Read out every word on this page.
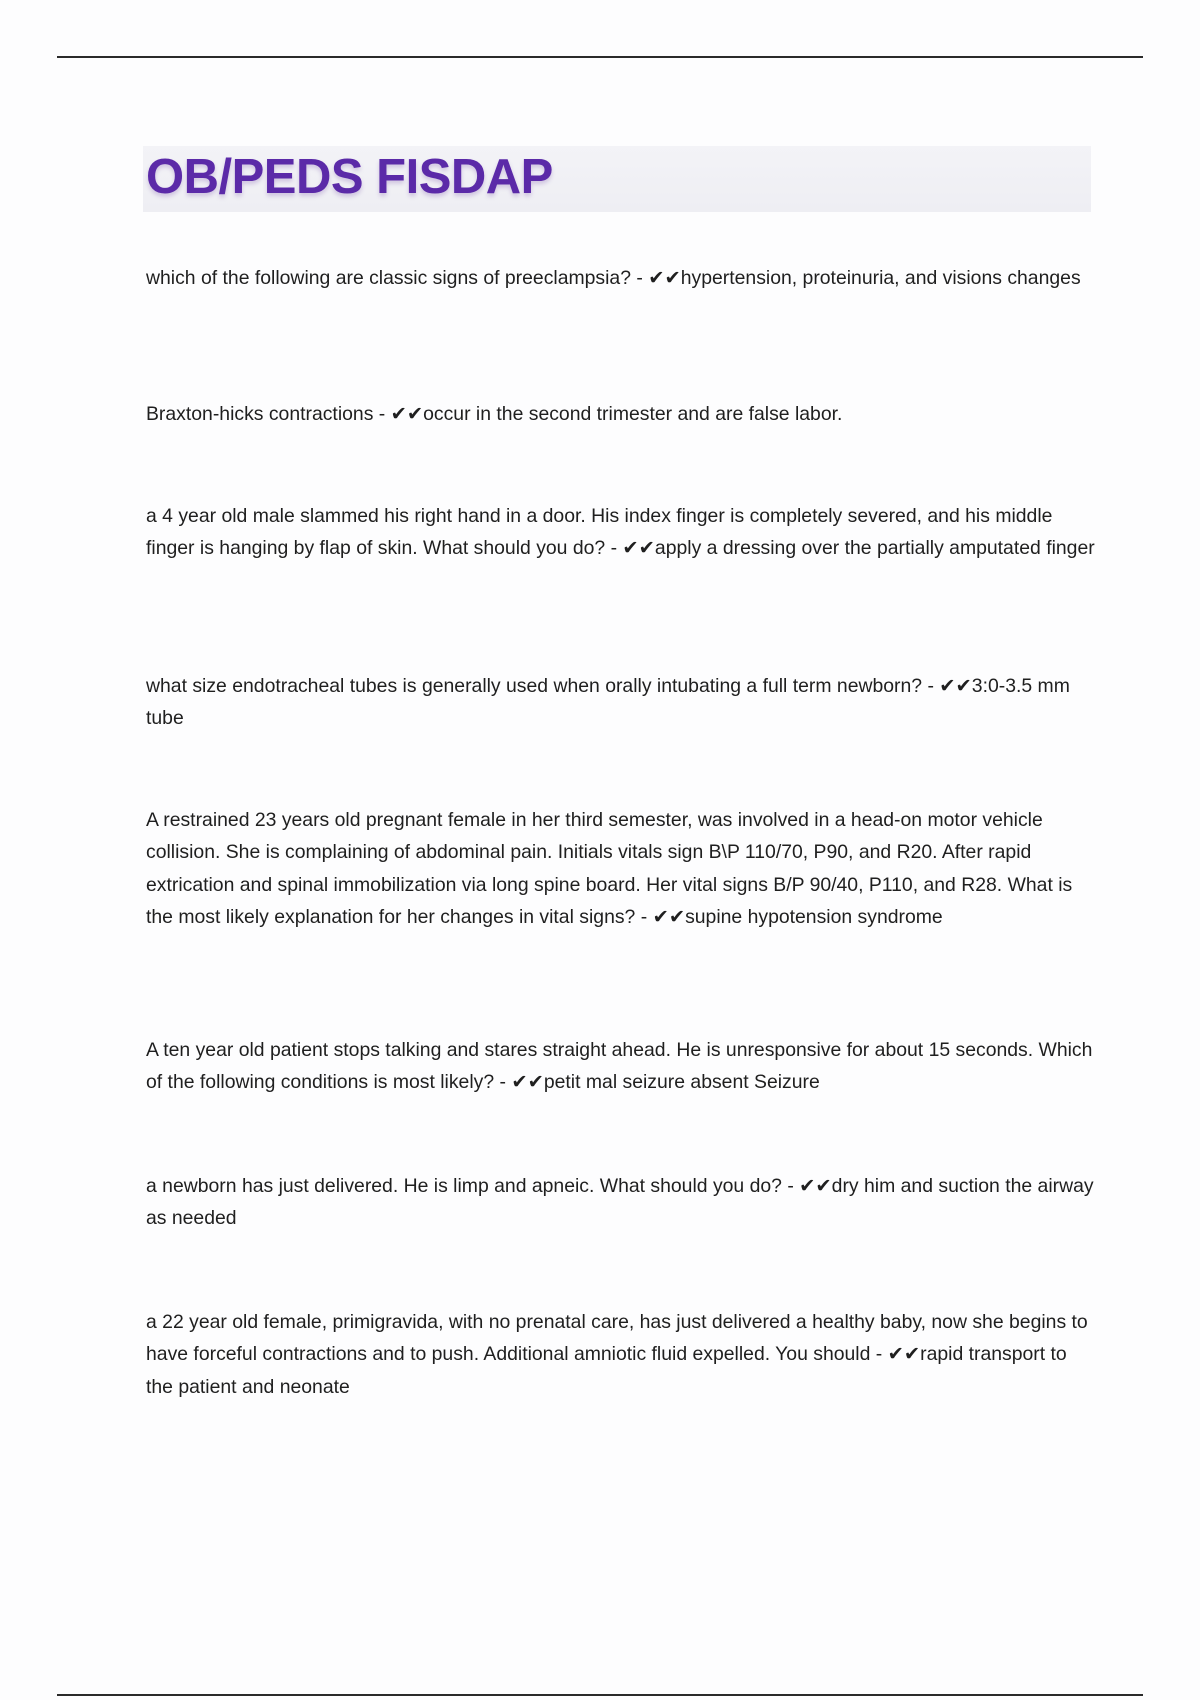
OB/PEDS FISDAP
which of the following are classic signs of preeclampsia? - ✔✔hypertension, proteinuria, and visions changes
Braxton-hicks contractions - ✔✔occur in the second trimester and are false labor.
a 4 year old male slammed his right hand in a door. His index finger is completely severed, and his middle finger is hanging by flap of skin. What should you do? - ✔✔apply a dressing over the partially amputated finger
what size endotracheal tubes is generally used when orally intubating a full term newborn? - ✔✔3:0-3.5 mm tube
A restrained 23 years old pregnant female in her third semester, was involved in a head-on motor vehicle collision. She is complaining of abdominal pain. Initials vitals sign B\P 110/70, P90, and R20. After rapid extrication and spinal immobilization via long spine board. Her vital signs B/P 90/40, P110, and R28. What is the most likely explanation for her changes in vital signs? - ✔✔supine hypotension syndrome
A ten year old patient stops talking and stares straight ahead. He is unresponsive for about 15 seconds. Which of the following conditions is most likely? - ✔✔petit mal seizure absent Seizure
a newborn has just delivered. He is limp and apneic. What should you do? - ✔✔dry him and suction the airway as needed
a 22 year old female, primigravida, with no prenatal care, has just delivered a healthy baby, now she begins to have forceful contractions and to push. Additional amniotic fluid expelled. You should - ✔✔rapid transport to the patient and neonate
